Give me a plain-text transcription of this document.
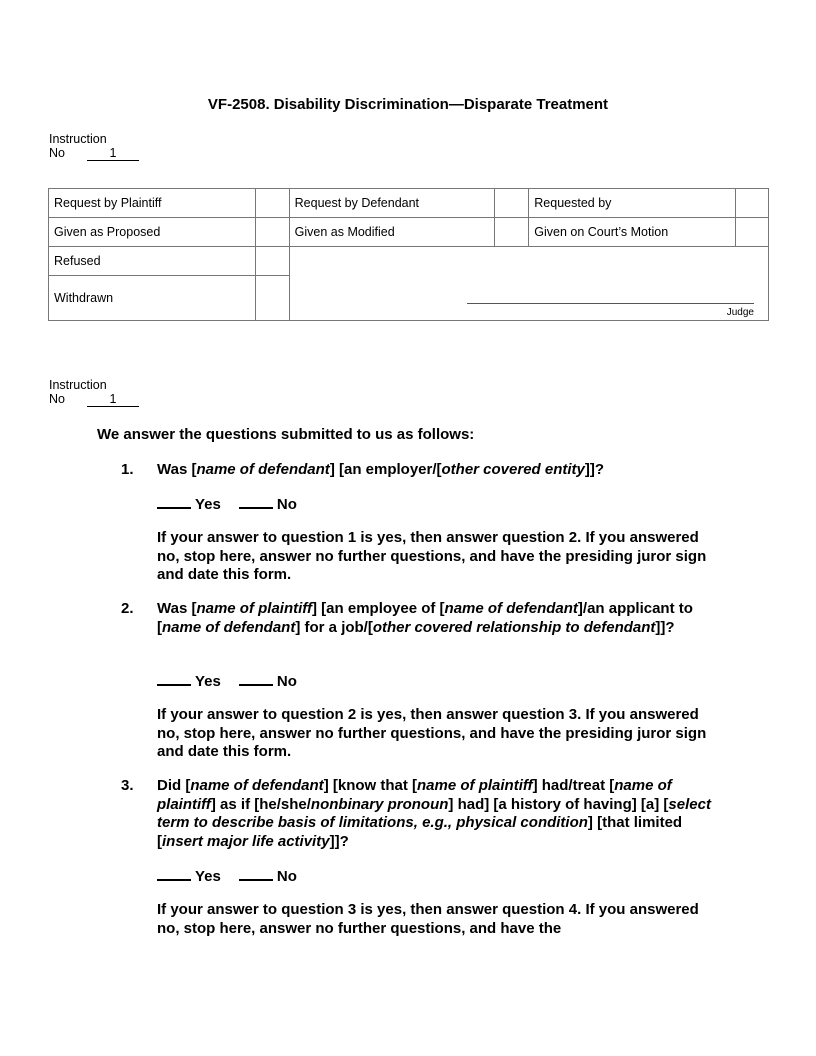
VF-2508. Disability Discrimination—Disparate Treatment
Instruction
No	1
Request by Plaintiff		Request by Defendant		Requested by	
Given as Proposed		Given as Modified		Given on Court’s Motion	
Refused		Judge			

Withdrawn					
Instruction
No	1
We answer the questions submitted to us as follows:
1. Was [name of defendant] [an employer/[other covered entity]]?
Yes	No
If your answer to question 1 is yes, then answer question 2. If you answered no, stop here, answer no further questions, and have the presiding juror sign and date this form.
2. Was [name of plaintiff] [an employee of [name of defendant]/an applicant to [name of defendant] for a job/[other covered relationship to defendant]]?
Yes	No
If your answer to question 2 is yes, then answer question 3. If you answered no, stop here, answer no further questions, and have the presiding juror sign and date this form.
3. Did [name of defendant] [know that [name of plaintiff] had/treat [name of plaintiff] as if [he/she/nonbinary pronoun] had] [a history of having] [a] [select term to describe basis of limitations, e.g., physical condition] [that limited [insert major life activity]]?
Yes	No
If your answer to question 3 is yes, then answer question 4. If you answered no, stop here, answer no further questions, and have the
